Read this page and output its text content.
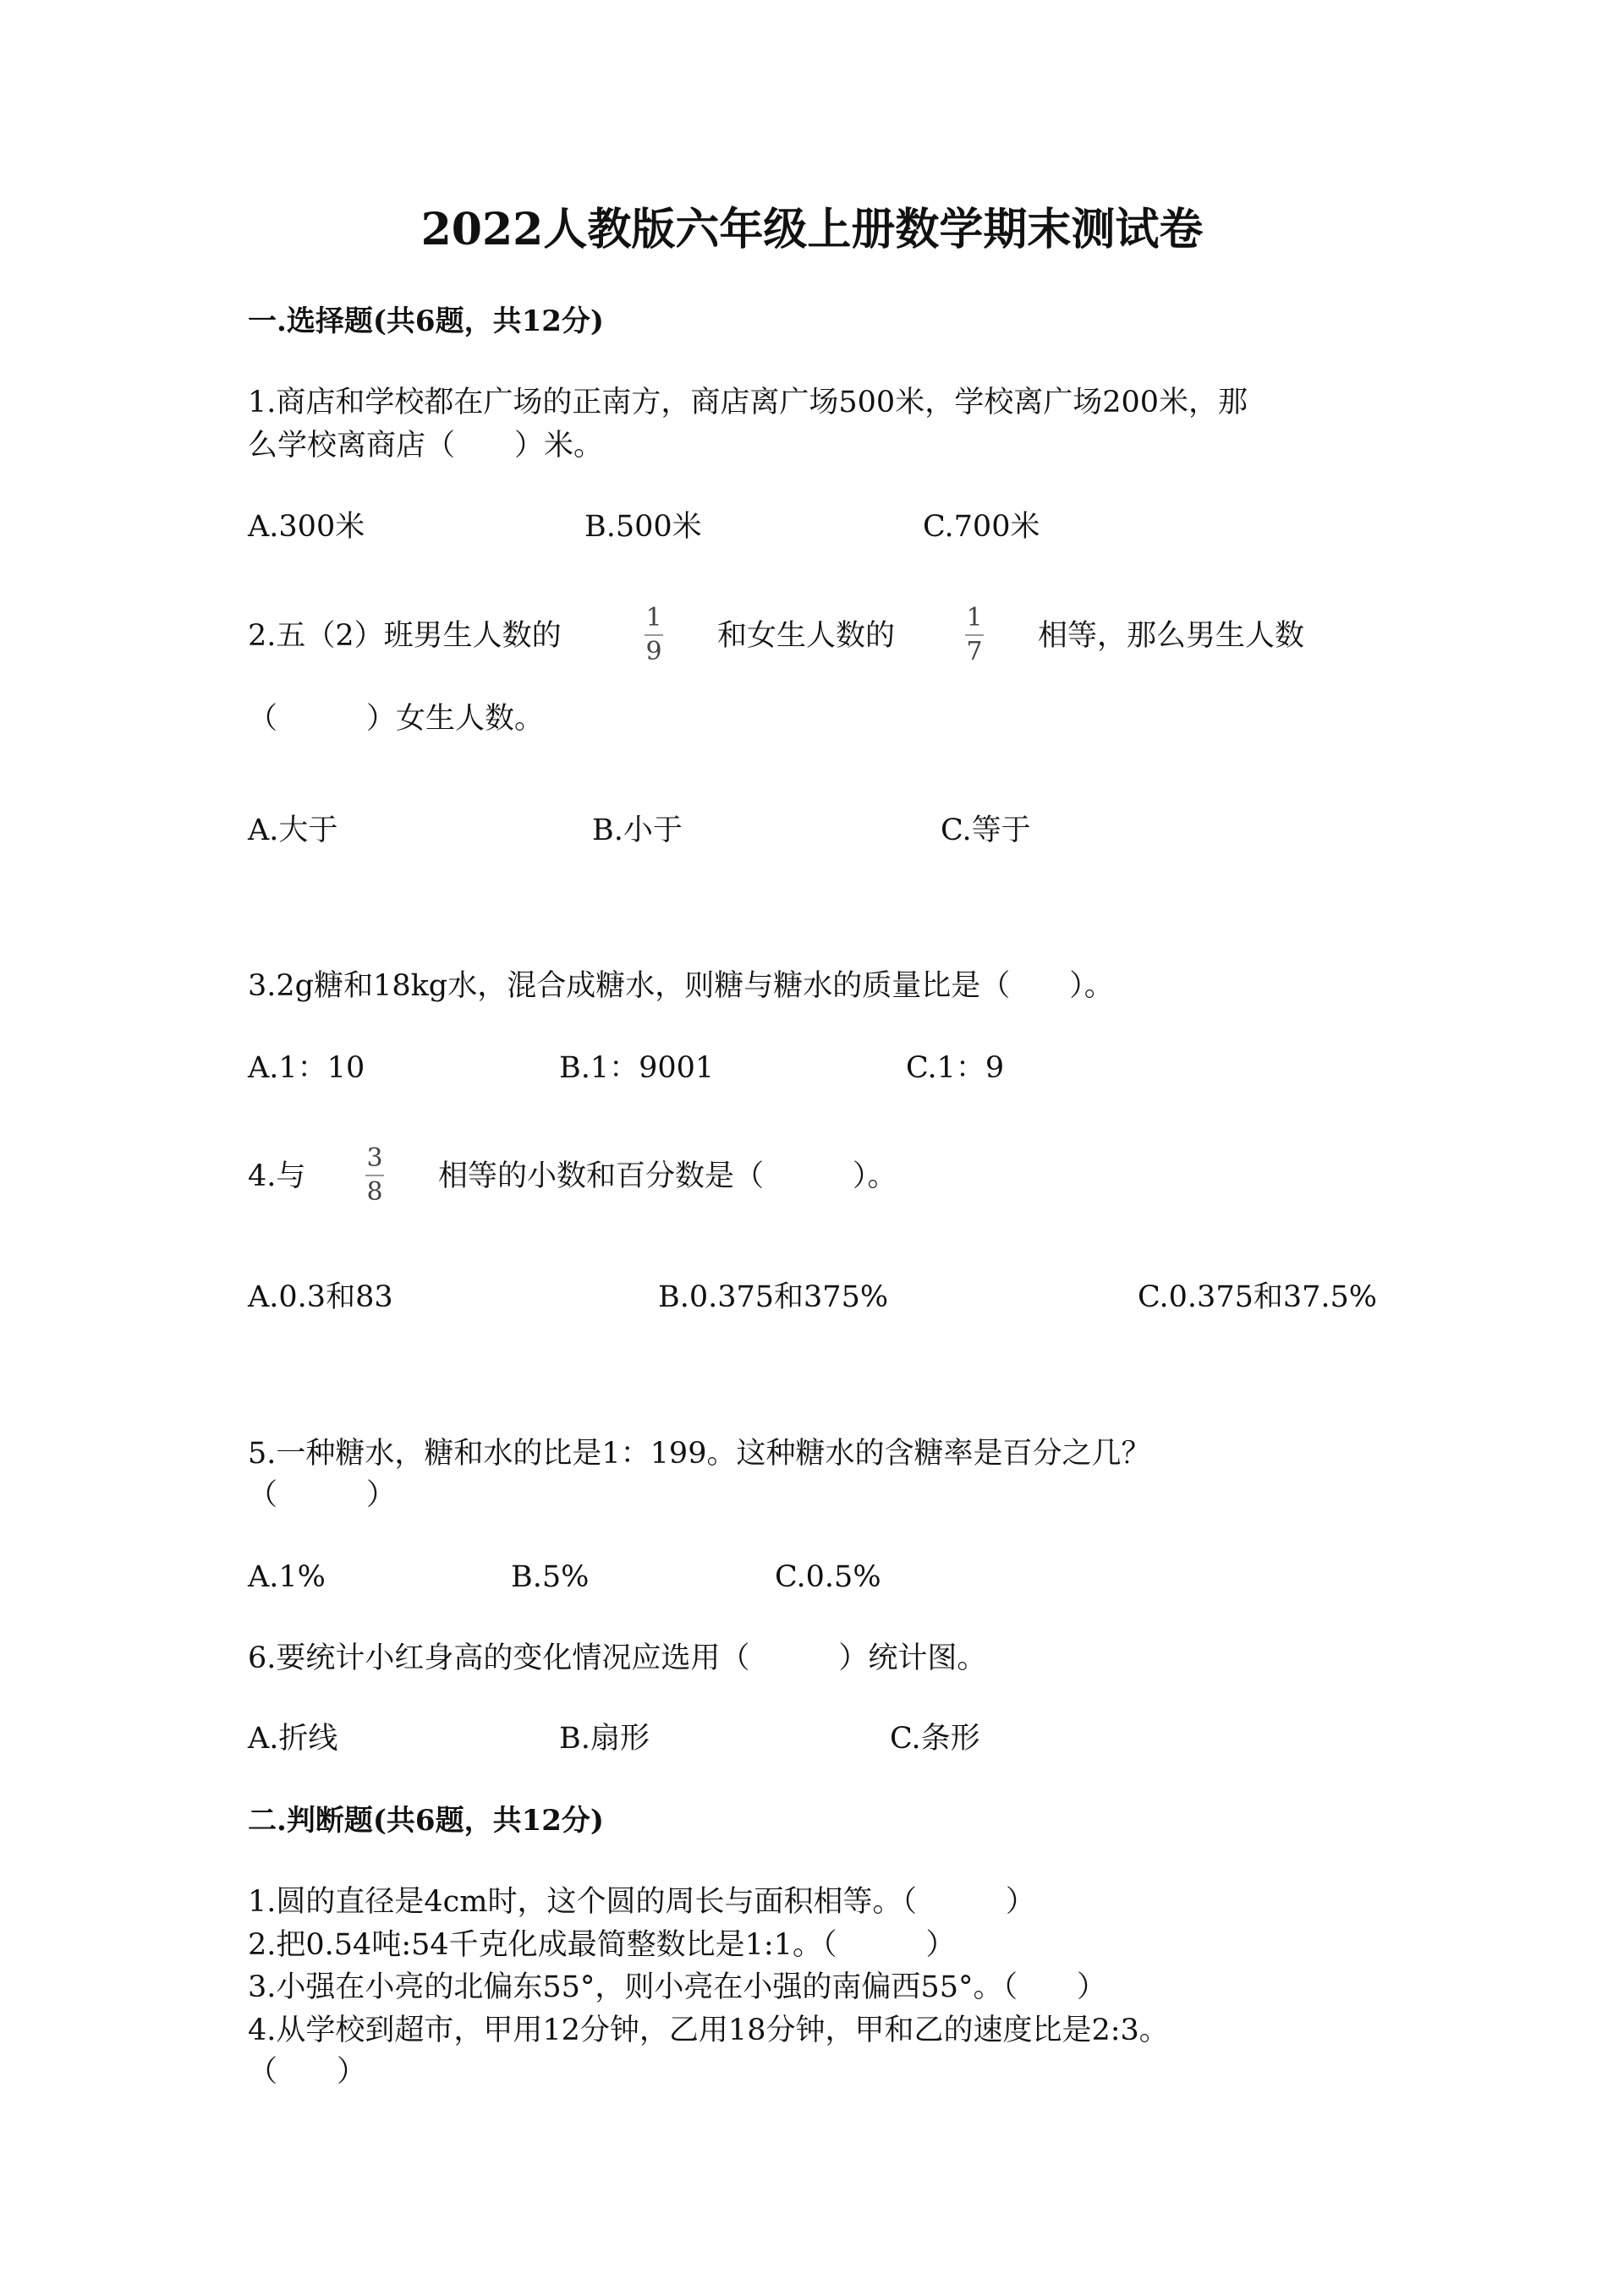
2022人教版六年级上册数学期末测试卷
一.选择题(共6题，共12分)
1.商店和学校都在广场的正南方，商店离广场500米，学校离广场200米，那
么学校离商店（　　）米。
A.300米	B.500米	C.700米
2.五（2）班男生人数的
1
9 和女生人数的
1
7 相等，那么男生人数
（　　　）女生人数。
A.大于	B.小于	C.等于
3.2g糖和18kg水，混合成糖水，则糖与糖水的质量比是（　　）。
A.1：10	B.1：9001	C.1：9
4.与
3
8 相等的小数和百分数是（　　　）。
A.0.3和83	B.0.375和375%	C.0.375和37.5%
5.一种糖水，糖和水的比是1：199。这种糖水的含糖率是百分之几？
（　　　）
A.1%	B.5%	C.0.5%
6.要统计小红身高的变化情况应选用（　　　）统计图。
A.折线	B.扇形	C.条形
二.判断题(共6题，共12分)
1.圆的直径是4cm时，这个圆的周长与面积相等。（　　　）
2.把0.54吨:54千克化成最简整数比是1:1。（　　　）
3.小强在小亮的北偏东55°，则小亮在小强的南偏西55°。（　　）
4.从学校到超市，甲用12分钟，乙用18分钟，甲和乙的速度比是2:3。
（　　）
